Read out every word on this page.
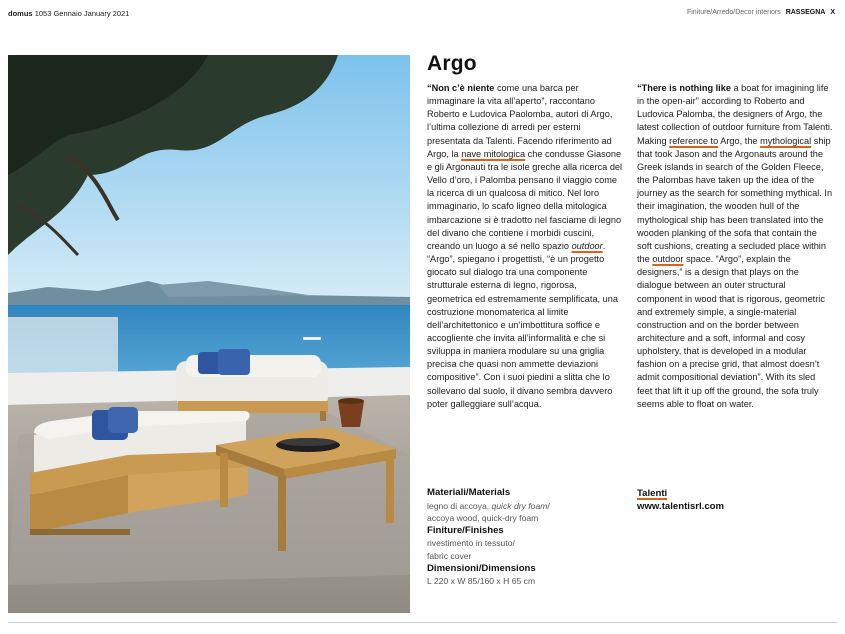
domus 1053 Gennaio January 2021	Finiture/Arredo/Decor interiors RASSEGNA X
Argo
“Non c’è niente come una barca per immaginare la vita all’aperto”, raccontano Roberto e Ludovica Paolomba, autori di Argo, l’ultima collezione di arredi per esterni presentata da Talenti. Facendo riferimento ad Argo, la nave mitologica che condusse Giasone e gli Argonauti tra le isole greche alla ricerca del Vello d’oro, i Palomba pensano il viaggio come la ricerca di un qualcosa di mitico. Nel loro immaginario, lo scafo ligneo della mitologica imbarcazione si è tradotto nel fasciame di legno del divano che contiene i morbidi cuscini, creando un luogo a sé nello spazio outdoor. “Argo”, spiegano i progettisti, “è un progetto giocato sul dialogo tra una componente strutturale esterna di legno, rigorosa, geometrica ed estremamente semplificata, una costruzione monomaterica al limite dell’architettonico e un’imbottitura soffice e accogliente che invita all’informalità e che si sviluppa in maniera modulare su una griglia precisa che quasi non ammette deviazioni compositive”. Con i suoi piedini a slitta che lo sollevano dal suolo, il divano sembra davvero poter galleggiare sull’acqua.
“There is nothing like a boat for imagining life in the open-air” according to Roberto and Ludovica Palomba, the designers of Argo, the latest collection of outdoor furniture from Talenti. Making reference to Argo, the mythological ship that took Jason and the Argonauts around the Greek islands in search of the Golden Fleece, the Palombas have taken up the idea of the journey as the search for something mythical. In their imagination, the wooden hull of the mythological ship has been translated into the wooden planking of the sofa that contain the soft cushions, creating a secluded place within the outdoor space. “Argo”, explain the designers,” is a design that plays on the dialogue between an outer structural component in wood that is rigorous, geometric and extremely simple, a single-material construction and on the border between architecture and a soft, informal and cosy upholstery, that is developed in a modular fashion on a precise grid, that almost doesn’t admit compositional deviation”. With its sled feet that lift it up off the ground, the sofa truly seems able to float on water.
Materiali/Materials
legno di accoya, quick dry foam/
accoya wood, quick-dry foam
Finiture/Finishes
rivestimento in tessuto/
fabric cover
Dimensioni/Dimensions
L 220 x W 85/160 x H 65 cm
Talenti
www.talentisrl.com
